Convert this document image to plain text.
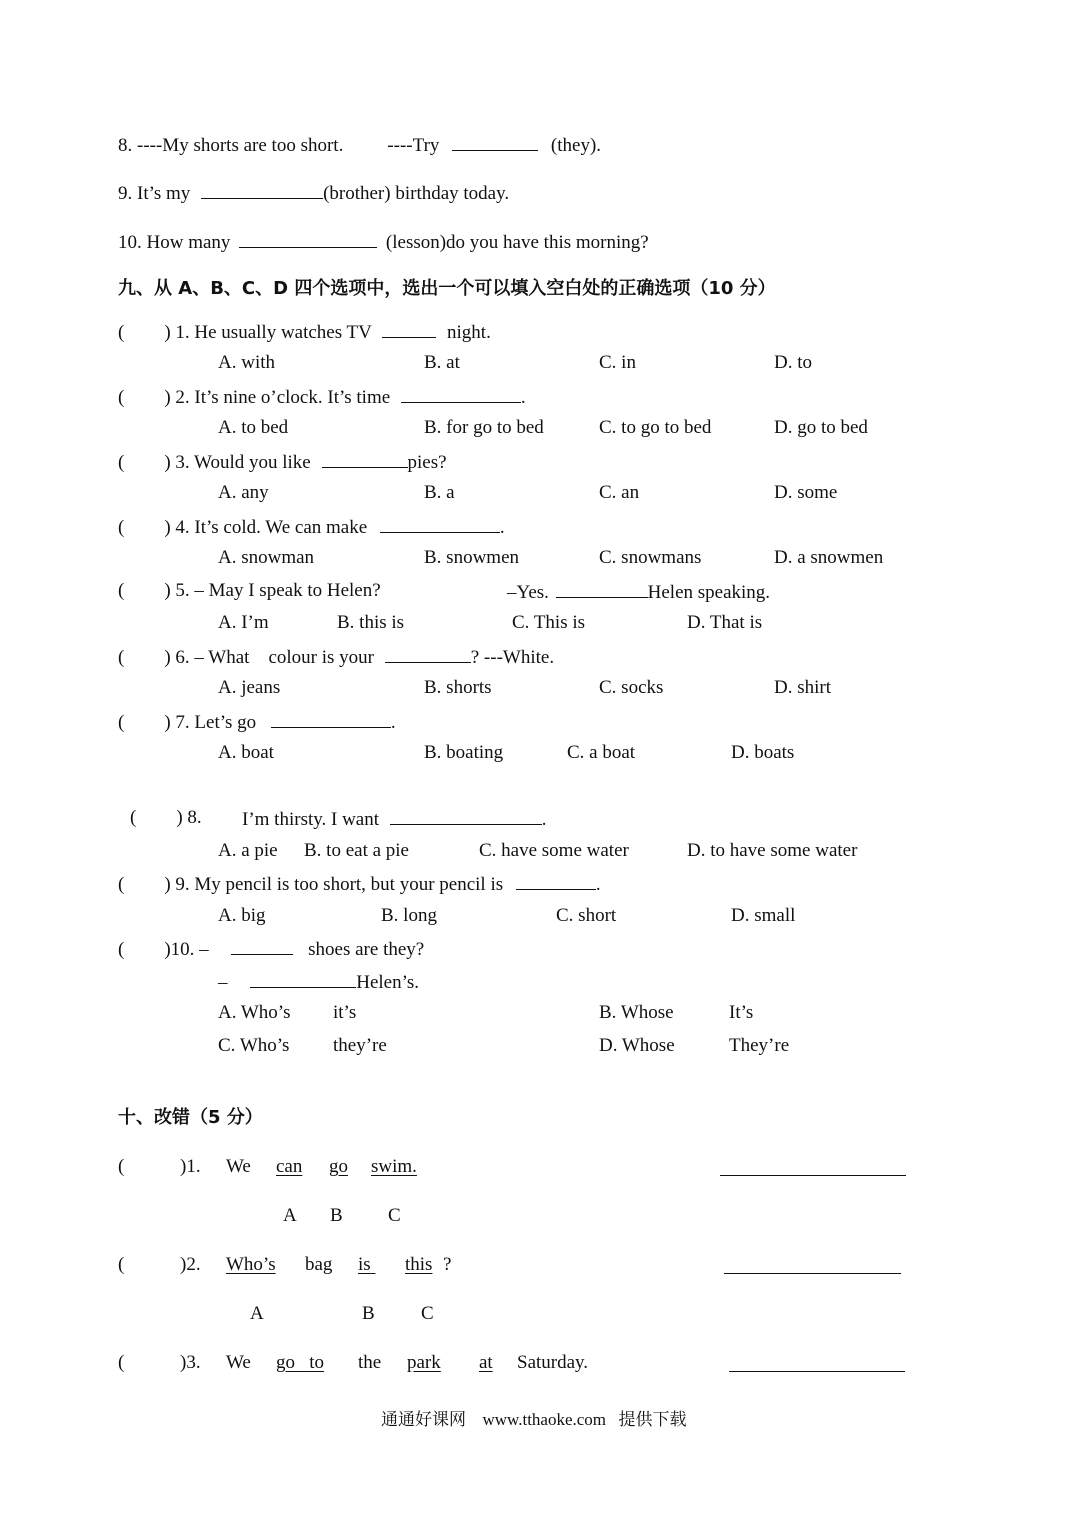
8. ----My shorts are too short. ----Try	(they).
9. It’s my	(brother) birthday today.
10. How many	(lesson)do you have this morning?
九、从 A、B、C、D 四个选项中，选出一个可以填入空白处的正确选项（10 分）
( ) 1. He usually watches TV	night.
A. with	B. at	C. in	D. to
( ) 2. It’s nine o’clock. It’s time	.
A. to bed	B. for go to bed	C. to go to bed	D. go to bed
( ) 3. Would you like	pies?
A. any	B. a	C. an	D. some
( ) 4. It’s cold. We can make	.
A. snowman	B. snowmen	C. snowmans	D. a snowmen
( ) 5. – May I speak to Helen?	–Yes.	Helen speaking.
A. I’m	B. this is	C. This is	D. That is
( ) 6. – What    colour is your	? ---White.
A. jeans	B. shorts	C. socks	D. shirt
( ) 7. Let’s go	.
A. boat	B. boating	C. a boat	D. boats
( ) 8. I’m thirsty. I want	.
A. a pie B. to eat a pie	C. have some water	D. to have some water
( ) 9. My pencil is too short, but your pencil is	.
A. big	B. long	C. short	D. small
( )10. –	shoes are they?
–	Helen’s.
A. Who’s it’s	B. Whose	It’s
C. Who’s they’re	D. Whose	They’re
十、改错（5 分）
(	)1. We can go swim.
A B C
(	)2. Who’s bag is this ?
A	B C
(	)3. We go to the park at Saturday.
通通好课网 www.tthaoke.com 提供下载
